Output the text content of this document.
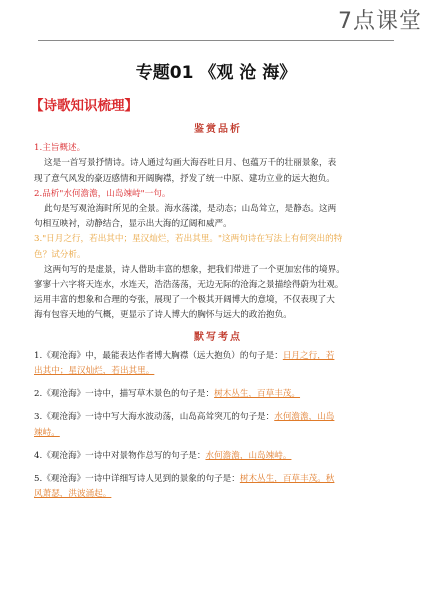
7点课堂
专题01 《观 沧 海》
【诗歌知识梳理】
鉴赏品析

1.主旨概述。

这是一首写景抒情诗。诗人通过勾画大海吞吐日月、包蕴万千的壮丽景象，表

现了意气风发的豪迈感情和开阔胸襟，抒发了统一中原、建功立业的远大抱负。

2.品析"水何澹澹，山岛竦峙"一句。

此句是写观沧海时所见的全景。海水荡漾，是动态；山岛耸立，是静态。这两

句相互映衬，动静结合，显示出大海的辽阔和威严。

3."日月之行，若出其中；星汉灿烂，若出其里。"这两句诗在写法上有何突出的特

色？试分析。

这两句写的是虚景，诗人借助丰富的想象，把我们带进了一个更加宏伟的境界。

寥寥十六字将天连水，水连天，浩浩荡荡，无边无际的沧海之景描绘得蔚为壮观。

运用丰富的想象和合理的夸张，展现了一个极其开阔博大的意境，不仅表现了大

海有包容天地的气概，更显示了诗人博大的胸怀与远大的政治抱负。

默写考点

1.《观沧海》中，最能表达作者博大胸襟（远大抱负）的句子是：日月之行，若

出其中；星汉灿烂，若出其里。

2.《观沧海》一诗中，描写草木景色的句子是：树木丛生，百草丰茂。

3.《观沧海》一诗中写大海水波动荡，山岛高耸突兀的句子是：水何澹澹，山岛

竦峙。

4.《观沧海》一诗中对景物作总写的句子是：水何澹澹，山岛竦峙。

5.《观沧海》一诗中详细写诗人见到的景象的句子是：树木丛生，百草丰茂。秋

风萧瑟，洪波涌起。
